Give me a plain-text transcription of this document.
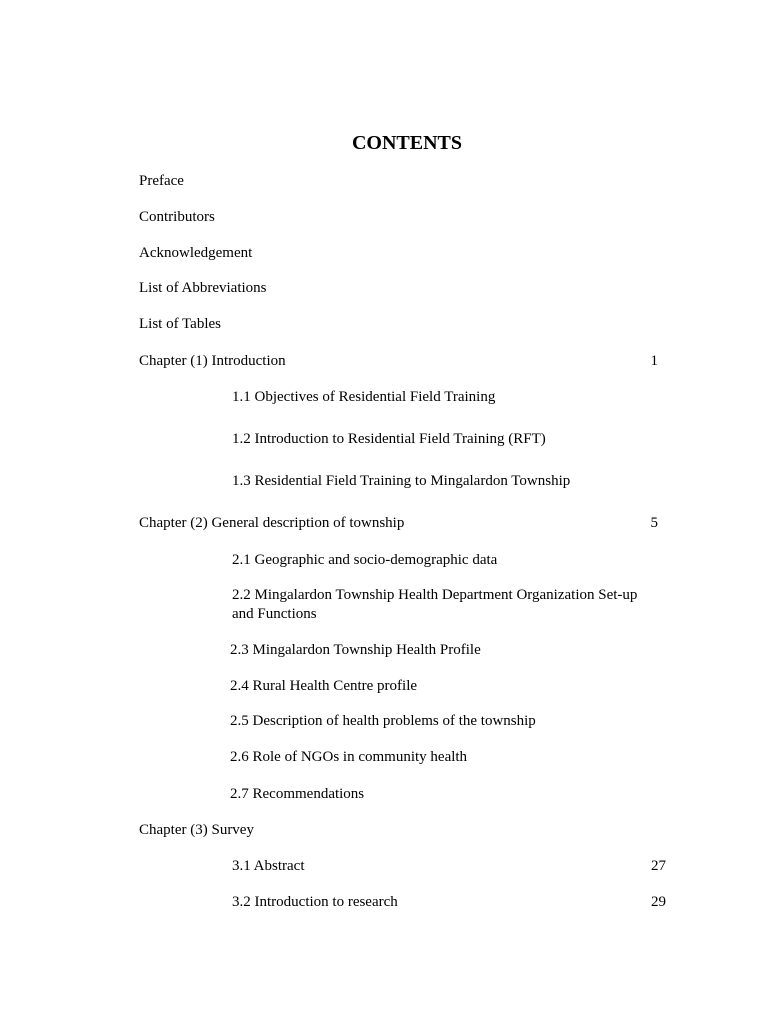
CONTENTS
Preface
Contributors
Acknowledgement
List of Abbreviations
List of Tables
Chapter (1) Introduction	1
1.1 Objectives of Residential Field Training
1.2 Introduction to Residential Field Training (RFT)
1.3 Residential Field Training to Mingalardon Township
Chapter (2) General description of township	5
2.1 Geographic and socio-demographic data
2.2 Mingalardon Township Health Department Organization Set-up and Functions
2.3 Mingalardon Township Health Profile
2.4 Rural Health Centre profile
2.5 Description of health problems of the township
2.6 Role of NGOs in community health
2.7 Recommendations
Chapter (3) Survey
3.1 Abstract	27
3.2 Introduction to research	29
